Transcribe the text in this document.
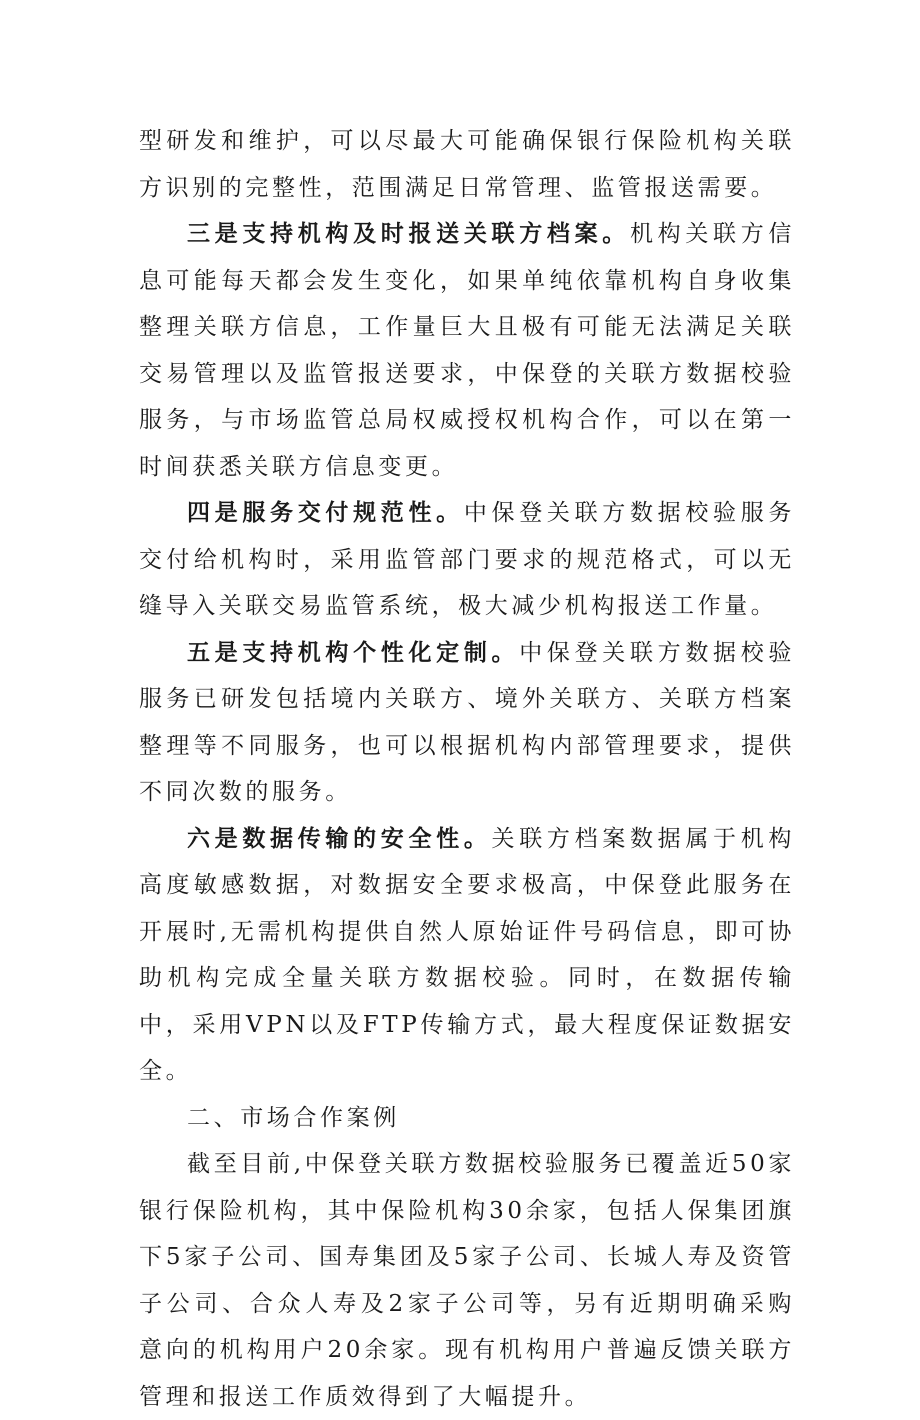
型研发和维护，可以尽最大可能确保银行保险机构关联方识别的完整性，范围满足日常管理、监管报送需要。

三是支持机构及时报送关联方档案。机构关联方信息可能每天都会发生变化，如果单纯依靠机构自身收集整理关联方信息，工作量巨大且极有可能无法满足关联交易管理以及监管报送要求，中保登的关联方数据校验服务，与市场监管总局权威授权机构合作，可以在第一时间获悉关联方信息变更。

四是服务交付规范性。中保登关联方数据校验服务交付给机构时，采用监管部门要求的规范格式，可以无缝导入关联交易监管系统，极大减少机构报送工作量。

五是支持机构个性化定制。中保登关联方数据校验服务已研发包括境内关联方、境外关联方、关联方档案整理等不同服务，也可以根据机构内部管理要求，提供不同次数的服务。

六是数据传输的安全性。关联方档案数据属于机构高度敏感数据，对数据安全要求极高，中保登此服务在开展时,无需机构提供自然人原始证件号码信息，即可协助机构完成全量关联方数据校验。同时，在数据传输中，采用VPN以及FTP传输方式，最大程度保证数据安全。

二、市场合作案例

截至目前,中保登关联方数据校验服务已覆盖近50家银行保险机构，其中保险机构30余家，包括人保集团旗下5家子公司、国寿集团及5家子公司、长城人寿及资管子公司、合众人寿及2家子公司等，另有近期明确采购意向的机构用户20余家。现有机构用户普遍反馈关联方管理和报送工作质效得到了大幅提升。
